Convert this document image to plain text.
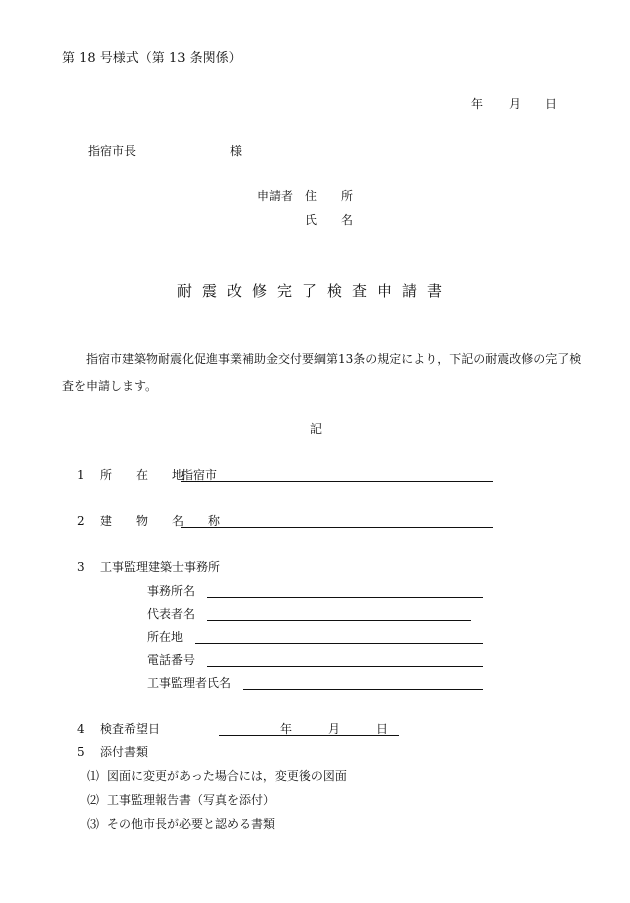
第 18 号様式（第 13 条関係）
年 月 日
指宿市長	様
申請者 住　　所
氏　　名
耐震改修完了検査申請書
指宿市建築物耐震化促進事業補助金交付要綱第13条の規定により，下記の耐震改修の完了検査を申請します。
記
1 所　　在　　地
指宿市
2 建　物　名　称
3 工事監理建築士事務所
事務所名
代表者名
所在地
電話番号
工事監理者氏名
4 検査希望日	年	月	日
5 添付書類
⑴ 図面に変更があった場合には，変更後の図面
⑵ 工事監理報告書（写真を添付）
⑶ その他市長が必要と認める書類
